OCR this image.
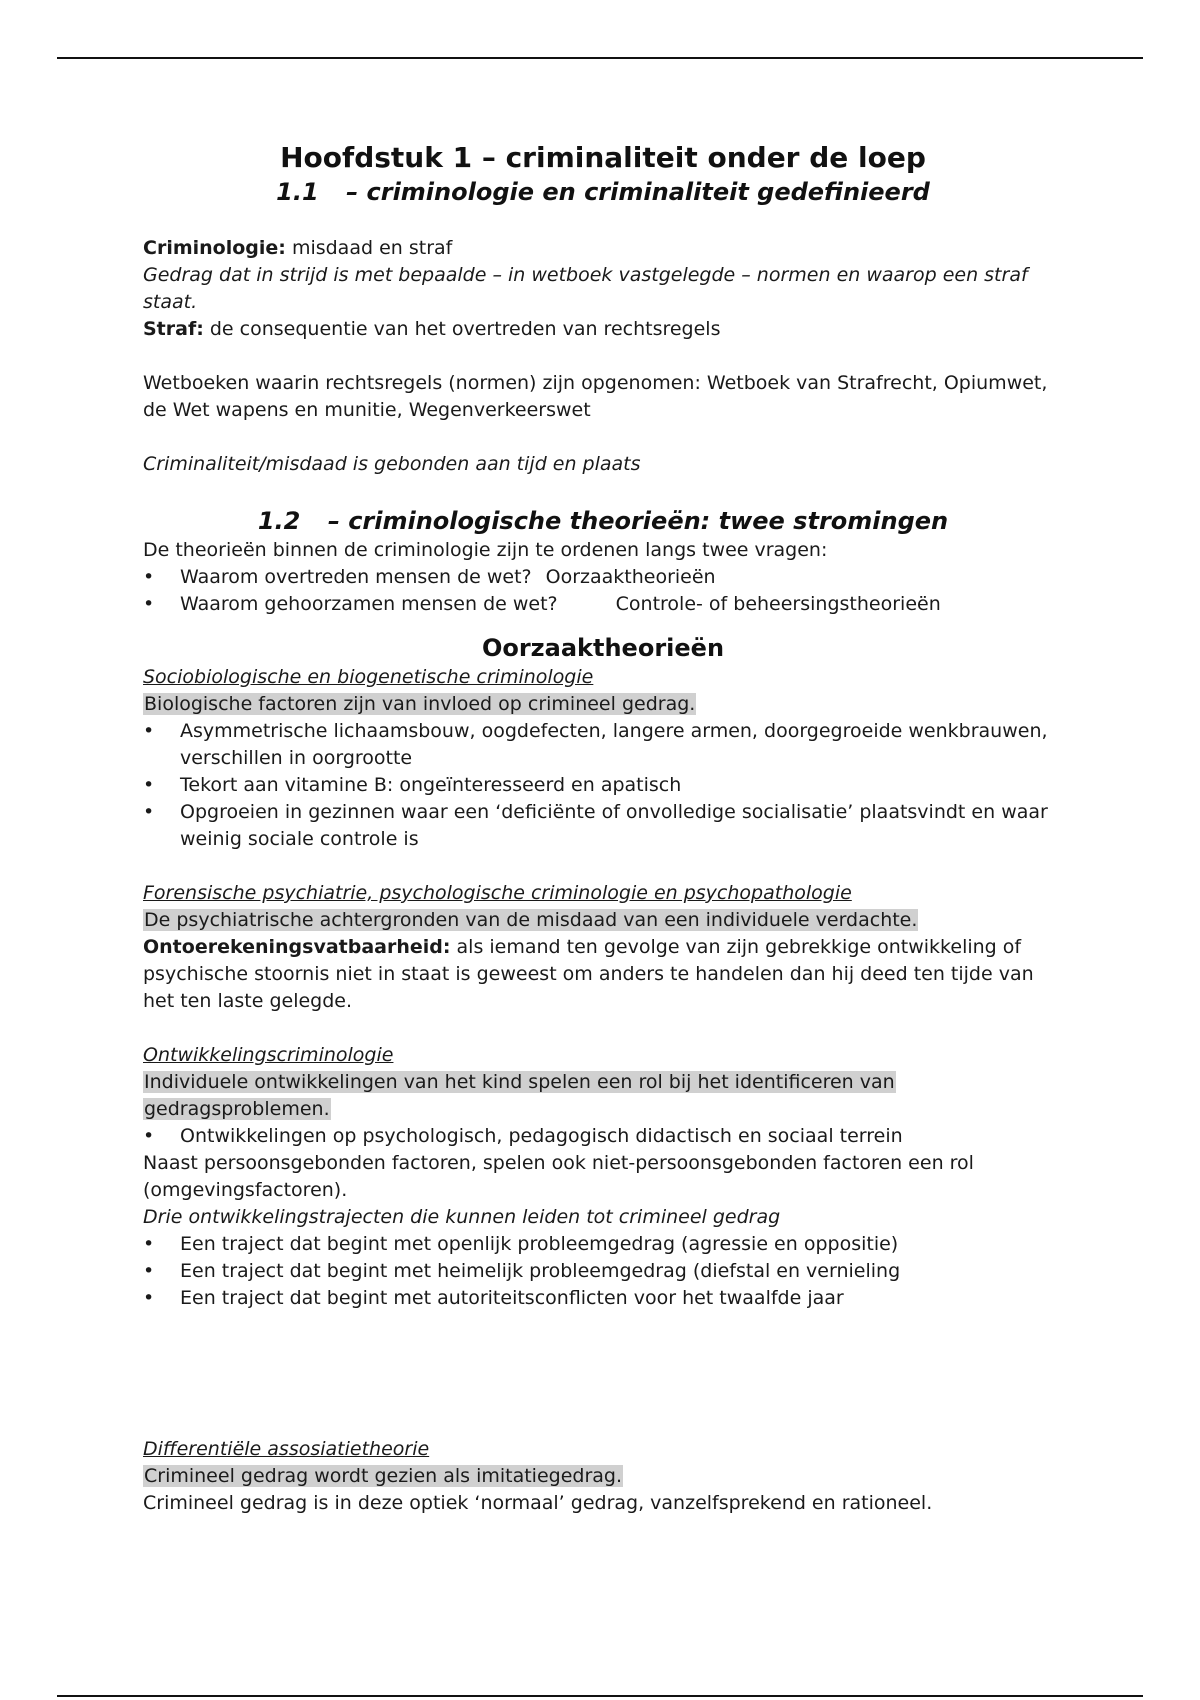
Hoofdstuk 1 – criminaliteit onder de loep
1.1 – criminologie en criminaliteit gedefinieerd

Criminologie: misdaad en straf

Gedrag dat in strijd is met bepaalde – in wetboek vastgelegde – normen en waarop een straf staat.

Straf: de consequentie van het overtreden van rechtsregels

Wetboeken waarin rechtsregels (normen) zijn opgenomen: Wetboek van Strafrecht, Opiumwet, de Wet wapens en munitie, Wegenverkeerswet

Criminaliteit/misdaad is gebonden aan tijd en plaats

1.2 – criminologische theorieën: twee stromingen

De theorieën binnen de criminologie zijn te ordenen langs twee vragen:

• Waarom overtreden mensen de wet? Oorzaaktheorieën
• Waarom gehoorzamen mensen de wet?	Controle- of beheersingstheorieën
Oorzaaktheorieën

Sociobiologische en biogenetische criminologie

Biologische factoren zijn van invloed op crimineel gedrag.

• Asymmetrische lichaamsbouw, oogdefecten, langere armen, doorgegroeide wenkbrauwen, verschillen in oorgrootte
• Tekort aan vitamine B: ongeïnteresseerd en apatisch
• Opgroeien in gezinnen waar een ‘deficiënte of onvolledige socialisatie’ plaatsvindt en waar weinig sociale controle is

Forensische psychiatrie, psychologische criminologie en psychopathologie

De psychiatrische achtergronden van de misdaad van een individuele verdachte.

Ontoerekeningsvatbaarheid: als iemand ten gevolge van zijn gebrekkige ontwikkeling of psychische stoornis niet in staat is geweest om anders te handelen dan hij deed ten tijde van het ten laste gelegde.

Ontwikkelingscriminologie

Individuele ontwikkelingen van het kind spelen een rol bij het identificeren van

gedragsproblemen.

• Ontwikkelingen op psychologisch, pedagogisch didactisch en sociaal terrein

Naast persoonsgebonden factoren, spelen ook niet-persoonsgebonden factoren een rol (omgevingsfactoren).

Drie ontwikkelingstrajecten die kunnen leiden tot crimineel gedrag

• Een traject dat begint met openlijk probleemgedrag (agressie en oppositie)
• Een traject dat begint met heimelijk probleemgedrag (diefstal en vernieling
• Een traject dat begint met autoriteitsconflicten voor het twaalfde jaar

Differentiële assosiatietheorie

Crimineel gedrag wordt gezien als imitatiegedrag.

Crimineel gedrag is in deze optiek ‘normaal’ gedrag, vanzelfsprekend en rationeel.
